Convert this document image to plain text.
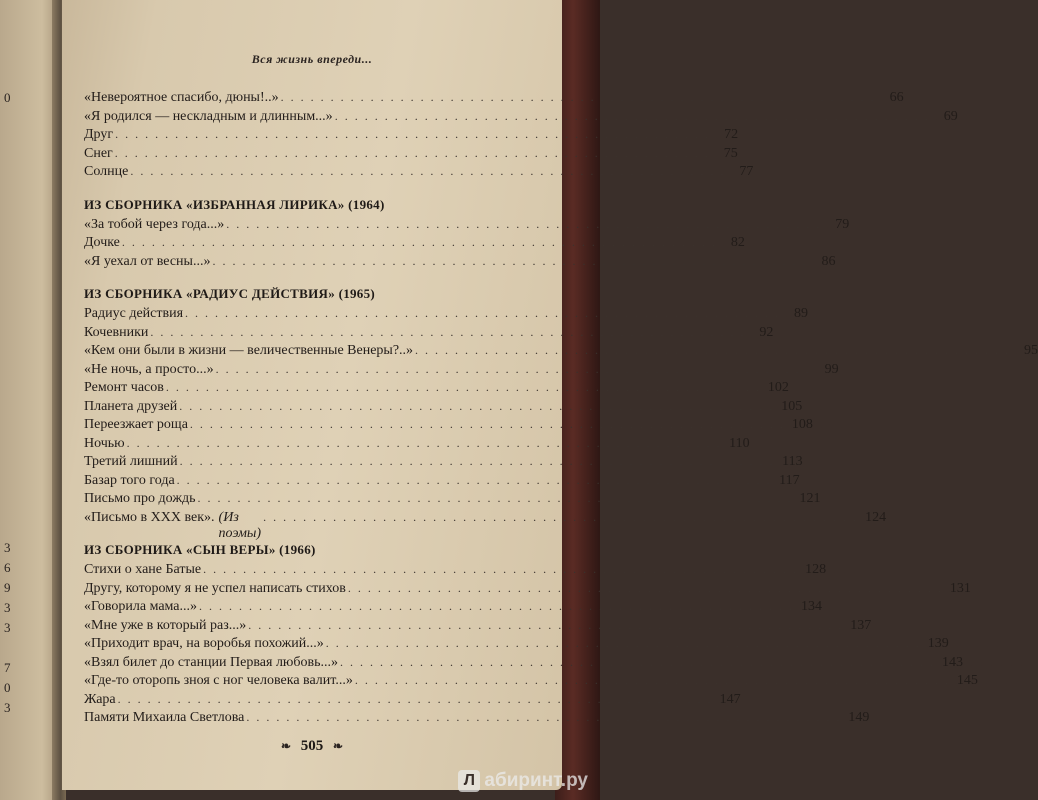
0
3
6
9
3
3
7
0
3
Вся жизнь впереди...
«Невероятное спасибо, дюны!..» . . . . . . . . . . . . . . . . . . . . . . . . . . . . . . . . . . . . . . . . . . . . . . . . . . . . . . . . . . . .	66
«Я родился — нескладным и длинным...» . . . . . . . . . . . . . . . . . . . . . . . . . . . . . . . . . . . . . . . . . . . . . . . . . . . . . . . . . . . .	69
Друг . . . . . . . . . . . . . . . . . . . . . . . . . . . . . . . . . . . . . . . . . . . . . . . . . . . . . . . . . . . .	72
Снег . . . . . . . . . . . . . . . . . . . . . . . . . . . . . . . . . . . . . . . . . . . . . . . . . . . . . . . . . . . .	75
Солнце . . . . . . . . . . . . . . . . . . . . . . . . . . . . . . . . . . . . . . . . . . . . . . . . . . . . . . . . . . . .	77
ИЗ СБОРНИКА «ИЗБРАННАЯ ЛИРИКА» (1964)
«За тобой через года...» . . . . . . . . . . . . . . . . . . . . . . . . . . . . . . . . . . . . . . . . . . . . . . . . . . . . . . . . . . . .	79
Дочке . . . . . . . . . . . . . . . . . . . . . . . . . . . . . . . . . . . . . . . . . . . . . . . . . . . . . . . . . . . .	82
«Я уехал от весны...» . . . . . . . . . . . . . . . . . . . . . . . . . . . . . . . . . . . . . . . . . . . . . . . . . . . . . . . . . . . .	86
ИЗ СБОРНИКА «РАДИУС ДЕЙСТВИЯ» (1965)
Радиус действия . . . . . . . . . . . . . . . . . . . . . . . . . . . . . . . . . . . . . . . . . . . . . . . . . . . . . . . . . . . .	89
Кочевники . . . . . . . . . . . . . . . . . . . . . . . . . . . . . . . . . . . . . . . . . . . . . . . . . . . . . . . . . . . .	92
«Кем они были в жизни — величественные Венеры?..» . . . . . . . . . . . . . . . . . . . . . . . . . . . . . . . . . . . . . . . . . . . . . . . . . . . . . . . . . . . .	95
«Не ночь, а просто...» . . . . . . . . . . . . . . . . . . . . . . . . . . . . . . . . . . . . . . . . . . . . . . . . . . . . . . . . . . . .	99
Ремонт часов . . . . . . . . . . . . . . . . . . . . . . . . . . . . . . . . . . . . . . . . . . . . . . . . . . . . . . . . . . . . 102
Планета друзей . . . . . . . . . . . . . . . . . . . . . . . . . . . . . . . . . . . . . . . . . . . . . . . . . . . . . . . . . . . . 105
Переезжает роща . . . . . . . . . . . . . . . . . . . . . . . . . . . . . . . . . . . . . . . . . . . . . . . . . . . . . . . . . . . . 108
Ночью . . . . . . . . . . . . . . . . . . . . . . . . . . . . . . . . . . . . . . . . . . . . . . . . . . . . . . . . . . . . 110
Третий лишний . . . . . . . . . . . . . . . . . . . . . . . . . . . . . . . . . . . . . . . . . . . . . . . . . . . . . . . . . . . . 113
Базар того года . . . . . . . . . . . . . . . . . . . . . . . . . . . . . . . . . . . . . . . . . . . . . . . . . . . . . . . . . . . . 117
Письмо про дождь . . . . . . . . . . . . . . . . . . . . . . . . . . . . . . . . . . . . . . . . . . . . . . . . . . . . . . . . . . . . 121
«Письмо в XXX век». (Из поэмы)
. . . . . . . . . . . . . . . . . . . . . . . . . . . . . . . . . . . . . . . . . . . . . . . . . . . . . . . . . . . . 124
ИЗ СБОРНИКА «СЫН ВЕРЫ» (1966)
Стихи о хане Батые . . . . . . . . . . . . . . . . . . . . . . . . . . . . . . . . . . . . . . . . . . . . . . . . . . . . . . . . . . . . 128
Другу, которому я не успел написать стихов . . . . . . . . . . . . . . . . . . . . . . . . . . . . . . . . . . . . . . . . . . . . . . . . . . . . . . . . . . . . 131
«Говорила мама...» . . . . . . . . . . . . . . . . . . . . . . . . . . . . . . . . . . . . . . . . . . . . . . . . . . . . . . . . . . . . 134
«Мне уже в который раз...» . . . . . . . . . . . . . . . . . . . . . . . . . . . . . . . . . . . . . . . . . . . . . . . . . . . . . . . . . . . . 137
«Приходит врач, на воробья похожий...» . . . . . . . . . . . . . . . . . . . . . . . . . . . . . . . . . . . . . . . . . . . . . . . . . . . . . . . . . . . . 139
«Взял билет до станции Первая любовь...» . . . . . . . . . . . . . . . . . . . . . . . . . . . . . . . . . . . . . . . . . . . . . . . . . . . . . . . . . . . . 143
«Где-то оторопь зноя с ног человека валит...» . . . . . . . . . . . . . . . . . . . . . . . . . . . . . . . . . . . . . . . . . . . . . . . . . . . . . . . . . . . . 145
Жара . . . . . . . . . . . . . . . . . . . . . . . . . . . . . . . . . . . . . . . . . . . . . . . . . . . . . . . . . . . . 147
Памяти Михаила Светлова . . . . . . . . . . . . . . . . . . . . . . . . . . . . . . . . . . . . . . . . . . . . . . . . . . . . . . . . . . . . 149
❧ 505 ❧
Л абиринт.ру
